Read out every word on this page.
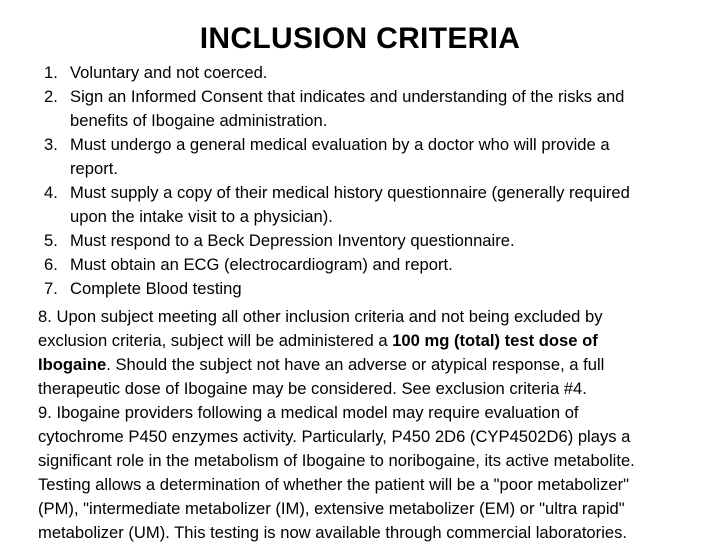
INCLUSION CRITERIA
1. Voluntary and not coerced.
2. Sign an Informed Consent that indicates and understanding of the risks and
benefits of Ibogaine administration.
3. Must undergo a general medical evaluation by a doctor who will provide a
report.
4. Must supply a copy of their medical history questionnaire (generally required
upon the intake visit to a physician).
5. Must respond to a Beck Depression Inventory questionnaire.
6. Must obtain an ECG (electrocardiogram) and report.
7. Complete Blood testing
8. Upon subject meeting all other inclusion criteria and not being excluded by
exclusion criteria, subject will be administered a 100 mg (total) test dose of
Ibogaine. Should the subject not have an adverse or atypical response, a full
therapeutic dose of Ibogaine may be considered. See exclusion criteria #4.
9. Ibogaine providers following a medical model may require evaluation of
cytochrome P450 enzymes activity. Particularly, P450 2D6 (CYP4502D6) plays a
significant role in the metabolism of Ibogaine to noribogaine, its active metabolite.
Testing allows a determination of whether the patient will be a "poor metabolizer"
(PM), "intermediate metabolizer (IM), extensive metabolizer (EM) or "ultra rapid"
metabolizer (UM). This testing is now available through commercial laboratories.
